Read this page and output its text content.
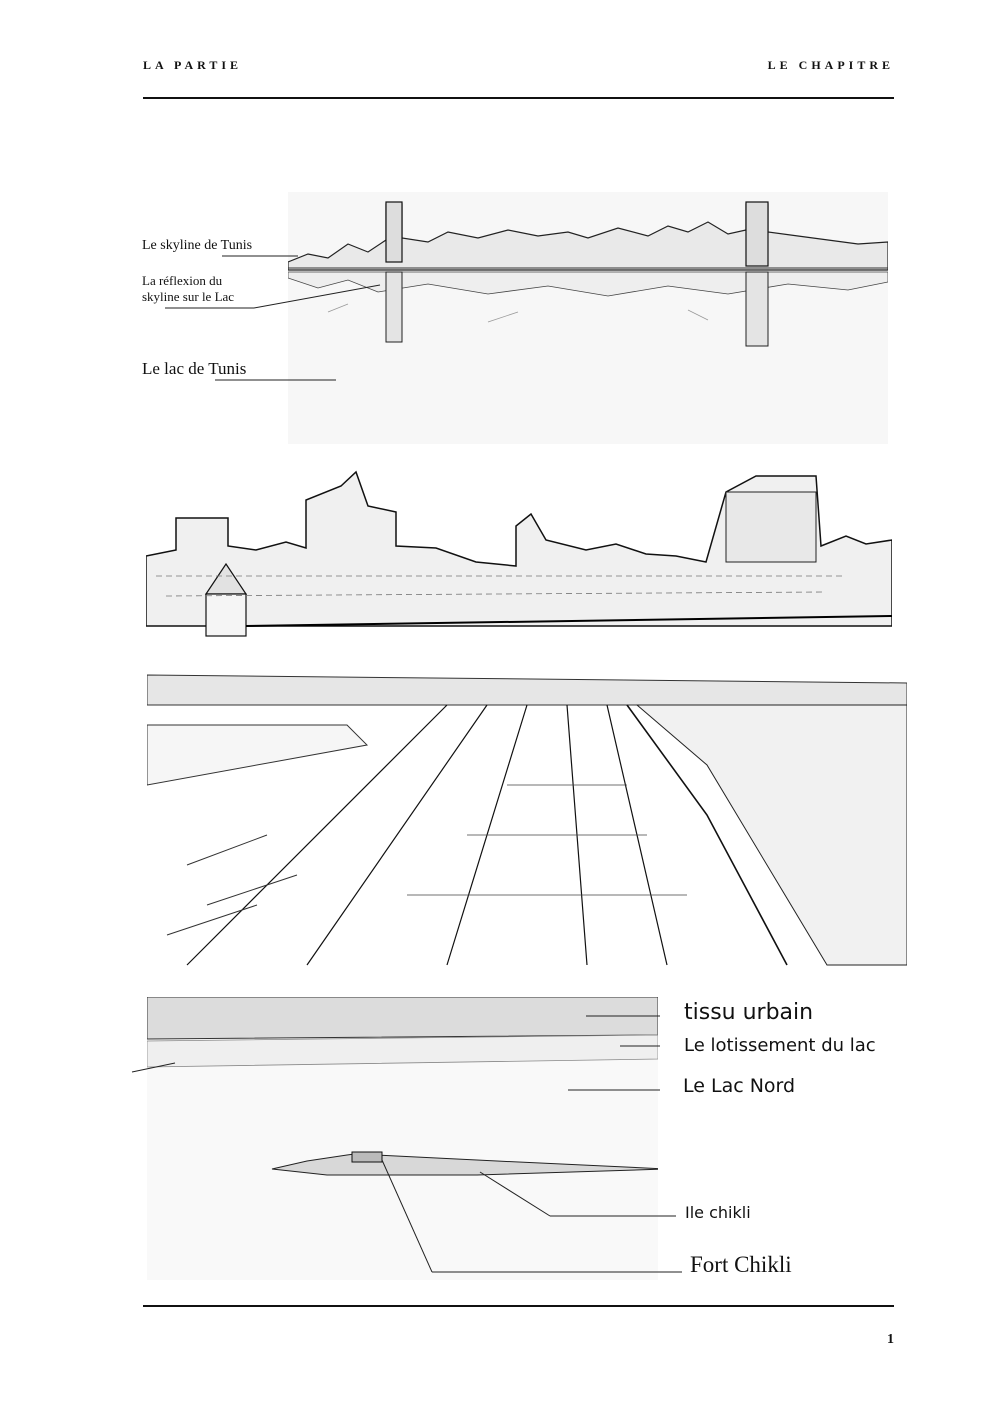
LA PARTIE	LE CHAPITRE
Le skyline de Tunis
La réflexion du
skyline sur le Lac
Le lac de Tunis
tissu urbain
Le lotissement du lac
Le Lac Nord
Ile chikli
Fort Chikli
1
